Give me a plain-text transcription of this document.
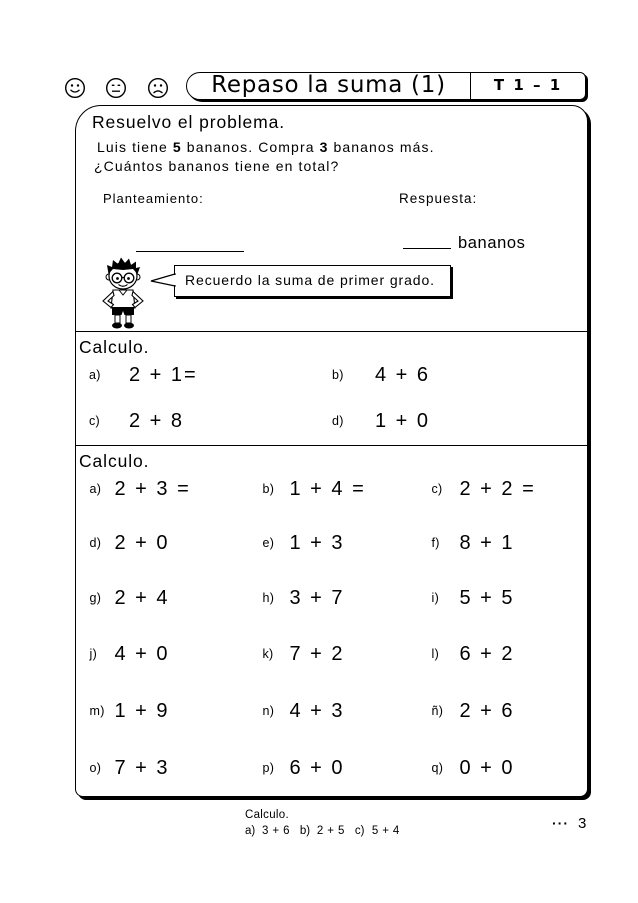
Repaso la suma (1)	T 1 – 1
Resuelvo el problema.
Luis tiene 5 bananos. Compra 3 bananos más.
¿Cuántos bananos tiene en total?
Planteamiento:	Respuesta:
bananos
Recuerdo la suma de primer grado.
Calculo.
a)	2 + 1=	b)	4 + 6
c)	2 + 8	d)	1 + 0
Calculo.
a) 2 + 3 =	b) 1 + 4 =	c) 2 + 2 =
d) 2 + 0	e) 1 + 3	f) 8 + 1
g) 2 + 4	h) 3 + 7	i)	5 + 5
j) 4 + 0	k) 7 + 2	l)	6 + 2
m) 1 + 9	n) 4 + 3	ñ) 2 + 6
o) 7 + 3	p) 6 + 0	q) 0 + 0
Calculo.
a) 3 + 6 b) 2 + 5 c) 5 + 4	··· 3
